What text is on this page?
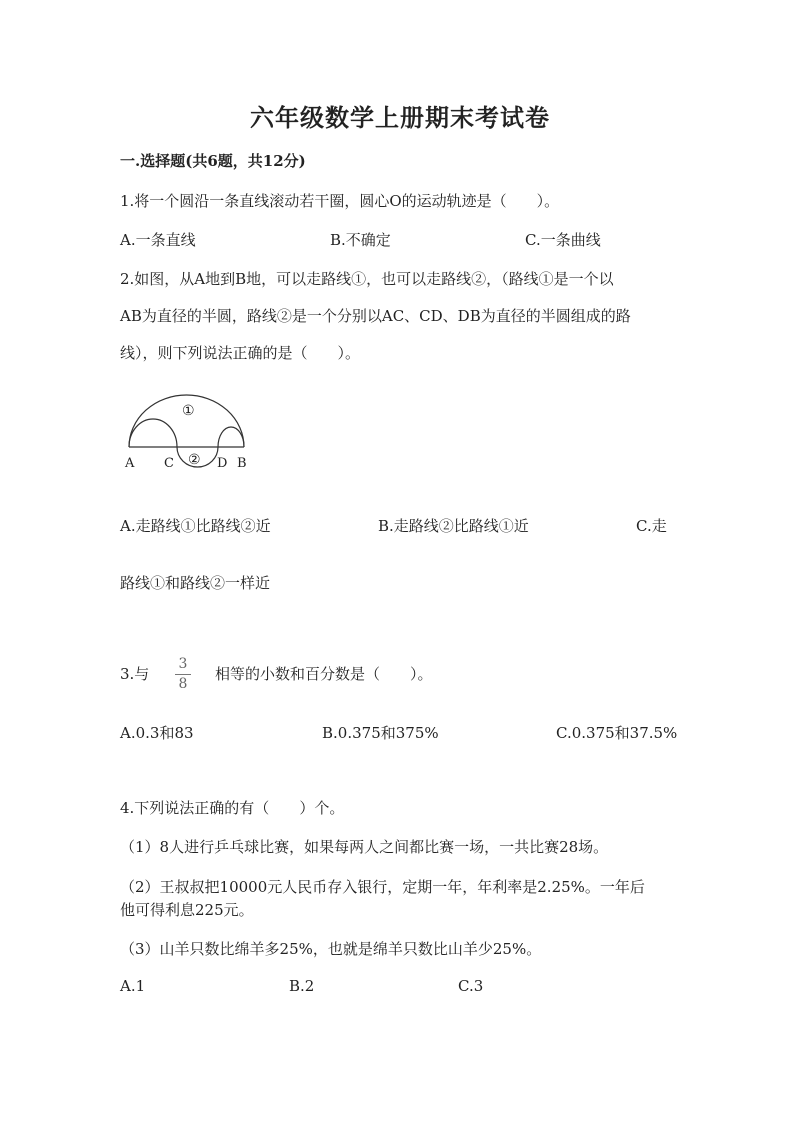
六年级数学上册期末考试卷
一.选择题(共6题，共12分)
1.将一个圆沿一条直线滚动若干圈，圆心O的运动轨迹是（　　）。
A.一条直线	B.不确定	C.一条曲线
2.如图，从A地到B地，可以走路线①，也可以走路线②，（路线①是一个以
AB为直径的半圆，路线②是一个分别以AC、CD、DB为直径的半圆组成的路
线），则下列说法正确的是（　　）。
①
②
A C	D B
A.走路线①比路线②近	B.走路线②比路线①近	C.走
路线①和路线②一样近
3.与
3
8
相等的小数和百分数是（　　）。
A.0.3和83	B.0.375和375%	C.0.375和37.5%
4.下列说法正确的有（　　）个。
（1）8人进行乒乓球比赛，如果每两人之间都比赛一场，一共比赛28场。
（2）王叔叔把10000元人民币存入银行，定期一年，年利率是2.25%。一年后
他可得利息225元。
（3）山羊只数比绵羊多25%，也就是绵羊只数比山羊少25%。
A.1	B.2	C.3
